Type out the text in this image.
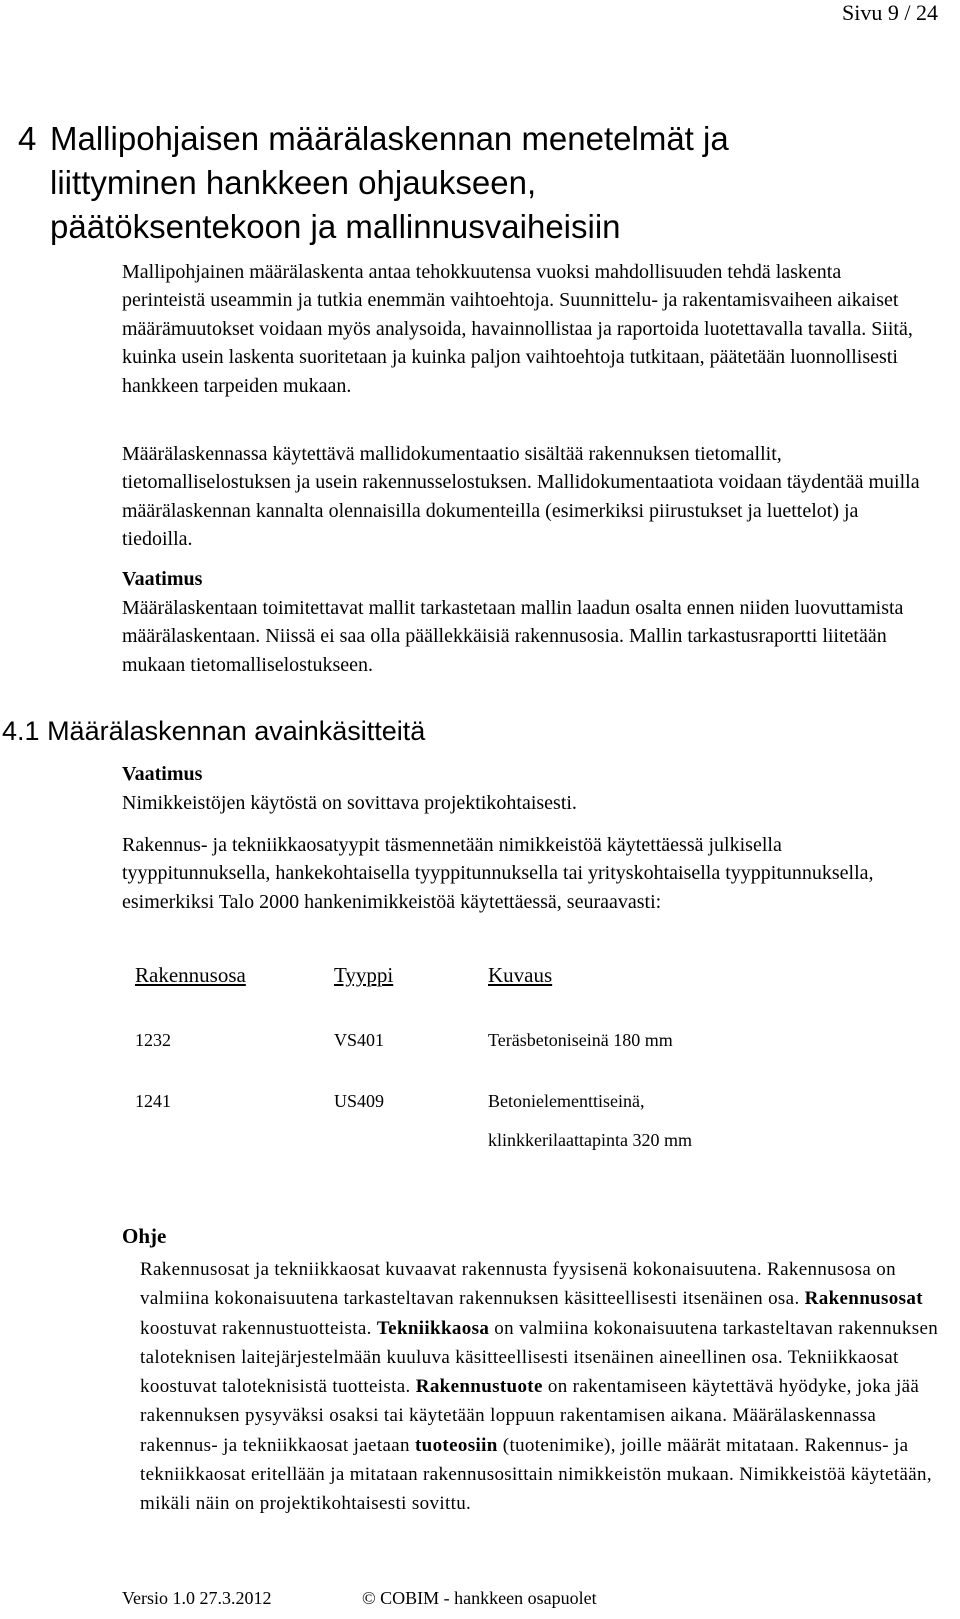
Sivu 9 / 24
4 Mallipohjaisen määrälaskennan menetelmät ja
liittyminen hankkeen ohjaukseen,
päätöksentekoon ja mallinnusvaiheisiin

Mallipohjainen määrälaskenta antaa tehokkuutensa vuoksi mahdollisuuden tehdä laskenta perinteistä useammin ja tutkia enemmän vaihtoehtoja. Suunnittelu- ja rakentamisvaiheen aikaiset määrämuutokset voidaan myös analysoida, havainnollistaa ja raportoida luotettavalla tavalla. Siitä, kuinka usein laskenta suoritetaan ja kuinka paljon vaihtoehtoja tutkitaan, päätetään luonnollisesti hankkeen tarpeiden mukaan.

Määrälaskennassa käytettävä mallidokumentaatio sisältää rakennuksen tietomallit, tietomalliselostuksen ja usein rakennusselostuksen. Mallidokumentaatiota voidaan täydentää muilla määrälaskennan kannalta olennaisilla dokumenteilla (esimerkiksi piirustukset ja luettelot) ja tiedoilla.

Vaatimus

Määrälaskentaan toimitettavat mallit tarkastetaan mallin laadun osalta ennen niiden luovuttamista määrälaskentaan. Niissä ei saa olla päällekkäisiä rakennusosia. Mallin tarkastusraportti liitetään mukaan tietomalliselostukseen.

4.1 Määrälaskennan avainkäsitteitä
Vaatimus

Nimikkeistöjen käytöstä on sovittava projektikohtaisesti.

Rakennus- ja tekniikkaosatyypit täsmennetään nimikkeistöä käytettäessä julkisella tyyppitunnuksella, hankekohtaisella tyyppitunnuksella tai yrityskohtaisella tyyppitunnuksella, esimerkiksi Talo 2000 hankenimikkeistöä käytettäessä, seuraavasti:

Rakennusosa	Tyyppi	Kuvaus
1232	VS401	Teräsbetoniseinä 180 mm
1241	US409	Betonielementtiseinä,
klinkkerilaattapinta 320 mm
Ohje

Rakennusosat ja tekniikkaosat kuvaavat rakennusta fyysisenä kokonaisuutena. Rakennusosa on valmiina kokonaisuutena tarkasteltavan rakennuksen käsitteellisesti itsenäinen osa. Rakennusosat koostuvat rakennustuotteista. Tekniikkaosa on valmiina kokonaisuutena tarkasteltavan rakennuksen taloteknisen laitejärjestelmään kuuluva käsitteellisesti itsenäinen aineellinen osa. Tekniikkaosat koostuvat taloteknisistä tuotteista. Rakennustuote on rakentamiseen käytettävä hyödyke, joka jää rakennuksen pysyväksi osaksi tai käytetään loppuun rakentamisen aikana. Määrälaskennassa rakennus- ja tekniikkaosat jaetaan tuoteosiin (tuotenimike), joille määrät mitataan. Rakennus- ja tekniikkaosat eritellään ja mitataan rakennusosittain nimikkeistön mukaan. Nimikkeistöä käytetään, mikäli näin on projektikohtaisesti sovittu.

Versio 1.0 27.3.2012	© COBIM - hankkeen osapuolet
